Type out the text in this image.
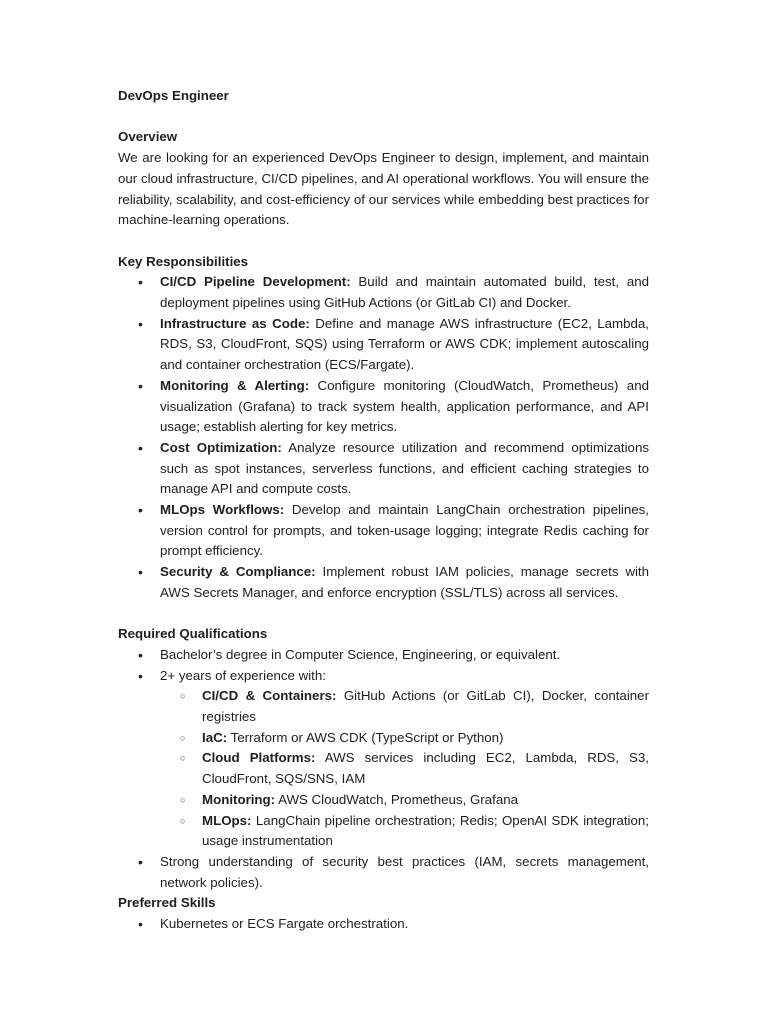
DevOps Engineer
Overview

We are looking for an experienced DevOps Engineer to design, implement, and maintain our cloud infrastructure, CI/CD pipelines, and AI operational workflows. You will ensure the reliability, scalability, and cost-efficiency of our services while embedding best practices for machine-learning operations.

Key Responsibilities
• CI/CD Pipeline Development: Build and maintain automated build, test, and deployment pipelines using GitHub Actions (or GitLab CI) and Docker.
• Infrastructure as Code: Define and manage AWS infrastructure (EC2, Lambda, RDS, S3, CloudFront, SQS) using Terraform or AWS CDK; implement autoscaling and container orchestration (ECS/Fargate).
• Monitoring & Alerting: Configure monitoring (CloudWatch, Prometheus) and visualization (Grafana) to track system health, application performance, and API usage; establish alerting for key metrics.
• Cost Optimization: Analyze resource utilization and recommend optimizations such as spot instances, serverless functions, and efficient caching strategies to manage API and compute costs.
• MLOps Workflows: Develop and maintain LangChain orchestration pipelines, version control for prompts, and token-usage logging; integrate Redis caching for prompt efficiency.
• Security & Compliance: Implement robust IAM policies, manage secrets with AWS Secrets Manager, and enforce encryption (SSL/TLS) across all services.
Required Qualifications
• Bachelor’s degree in Computer Science, Engineering, or equivalent.
• 2+ years of experience with:
○ CI/CD & Containers: GitHub Actions (or GitLab CI), Docker, container registries
○ IaC: Terraform or AWS CDK (TypeScript or Python)
○ Cloud Platforms: AWS services including EC2, Lambda, RDS, S3, CloudFront, SQS/SNS, IAM
○ Monitoring: AWS CloudWatch, Prometheus, Grafana
○ MLOps: LangChain pipeline orchestration; Redis; OpenAI SDK integration; usage instrumentation
• Strong understanding of security best practices (IAM, secrets management, network policies).
Preferred Skills
• Kubernetes or ECS Fargate orchestration.
